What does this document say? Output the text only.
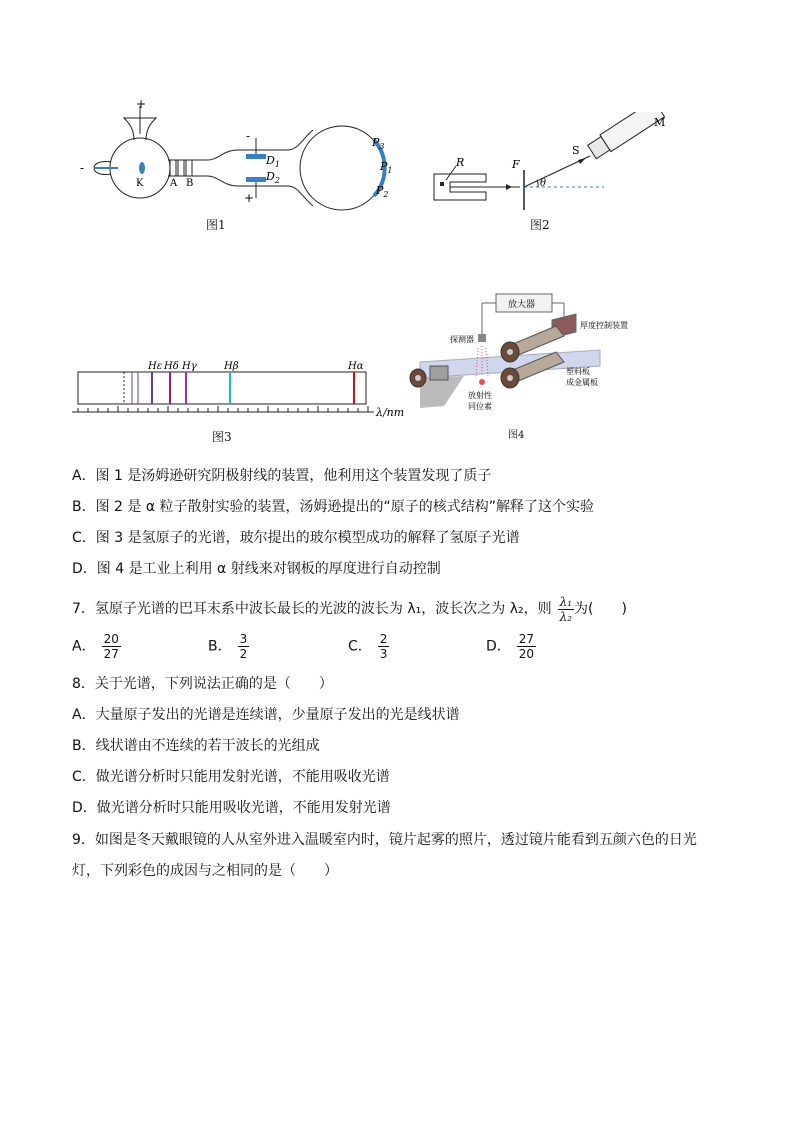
+
-
K	A B
-
+
$D_1$
$D_2$
$P_3$
$P_1$
$P_2$
图1
R	F
θ
S
M
图2
Hε Hδ Hγ	Hβ	Hα
λ/nm
图3
放大器
厚度控制装置
探测器
塑料板
成金属板
放射性
同位素
图4
A．图 1 是汤姆逊研究阴极射线的装置，他利用这个装置发现了质子
B．图 2 是 α 粒子散射实验的装置，汤姆逊提出的“原子的核式结构”解释了这个实验
C．图 3 是氢原子的光谱，玻尔提出的玻尔模型成功的解释了氢原子光谱
D．图 4 是工业上利用 α 射线来对钢板的厚度进行自动控制
7．氢原子光谱的巴耳末系中波长最长的光波的波长为 λ₁，波长次之为 λ₂，则 $\frac{\text{λ₁}}{\text{λ₂}}$ 为(　　)
A． $\frac{20}{27}$	B． $\frac{3}{2}$	C． $\frac{2}{3}$	D． $\frac{27}{20}$
8．关于光谱，下列说法正确的是（　　）
A．大量原子发出的光谱是连续谱，少量原子发出的光是线状谱
B．线状谱由不连续的若干波长的光组成
C．做光谱分析时只能用发射光谱，不能用吸收光谱
D．做光谱分析时只能用吸收光谱，不能用发射光谱
9．如图是冬天戴眼镜的人从室外进入温暖室内时，镜片起雾的照片，透过镜片能看到五颜六色的日光
灯，下列彩色的成因与之相同的是（　　）
